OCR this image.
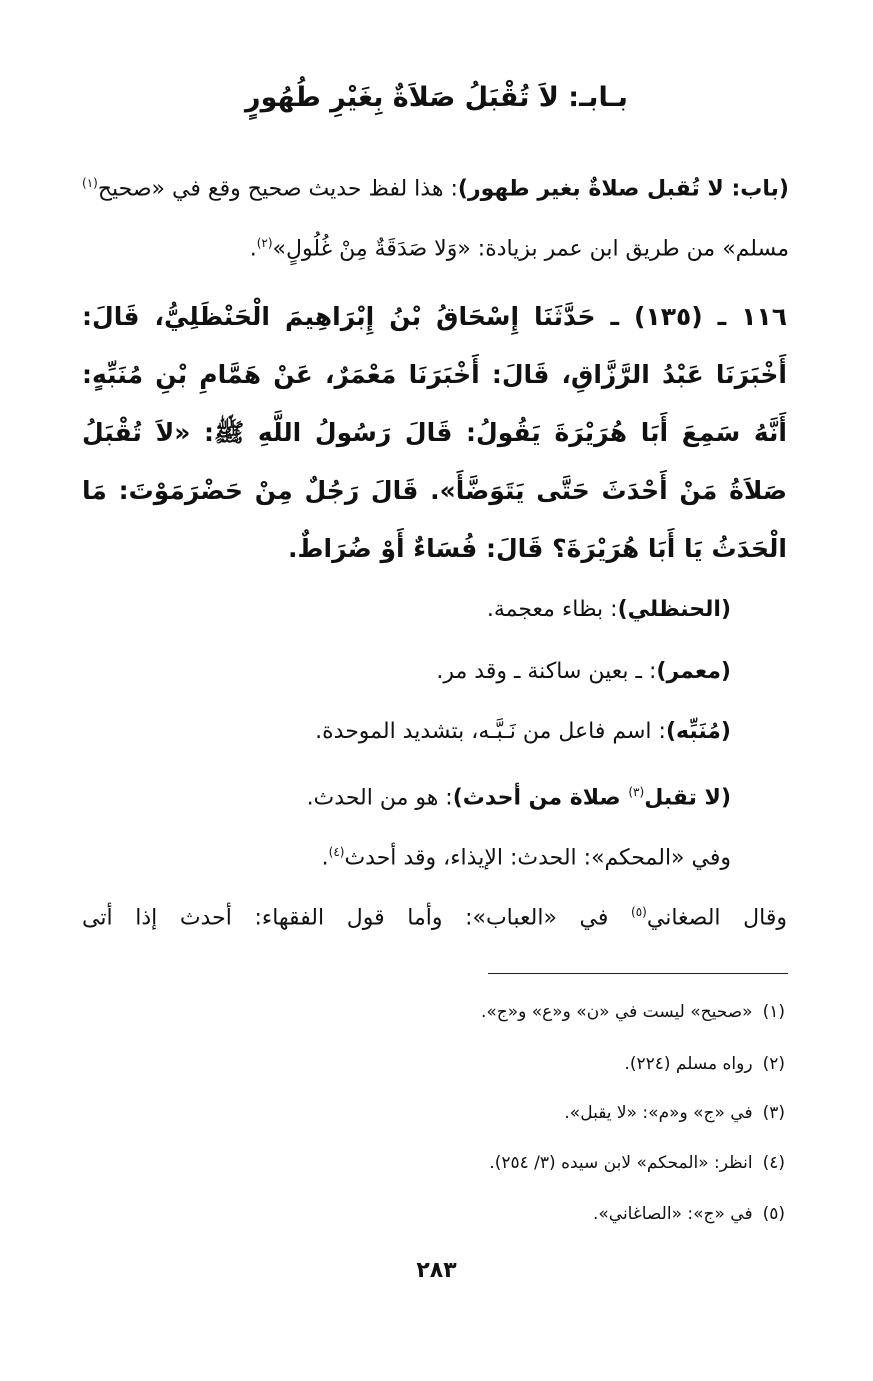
بـابـ: لاَ تُقْبَلُ صَلاَةٌ بِغَيْرِ طُهُورٍ
(باب: لا تُقبل صلاةٌ بغير طهور): هذا لفظ حديث صحيح وقع في «صحيح$^{(١)}$ مسلم» من طريق ابن عمر بزيادة: «وَلا صَدَقَةٌ مِنْ غُلُولٍ»$^{(٢)}$.
١١٦ ـ (١٣٥) ـ حَدَّثَنَا إِسْحَاقُ بْنُ إِبْرَاهِيمَ الْحَنْظَلِيُّ، قَالَ: أَخْبَرَنَا عَبْدُ الرَّزَّاقِ، قَالَ: أَخْبَرَنَا مَعْمَرٌ، عَنْ هَمَّامِ بْنِ مُنَبِّهٍ: أَنَّهُ سَمِعَ أَبَا هُرَيْرَةَ يَقُولُ: قَالَ رَسُولُ اللَّهِ ﷺ: «لاَ تُقْبَلُ صَلاَةُ مَنْ أَحْدَثَ حَتَّى يَتَوَضَّأَ». قَالَ رَجُلٌ مِنْ حَضْرَمَوْتَ: مَا الْحَدَثُ يَا أَبَا هُرَيْرَةَ؟ قَالَ: فُسَاءٌ أَوْ ضُرَاطٌ.
(الحنظلي): بظاء معجمة.
(معمر): ـ بعين ساكنة ـ وقد مر.
(مُنَبِّه): اسم فاعل من نَـبَّـه، بتشديد الموحدة.
(لا تقبل$^{(٣)}$ صلاة من أحدث): هو من الحدث.
وفي «المحكم»: الحدث: الإيذاء، وقد أحدث$^{(٤)}$.
وقال الصغاني$^{(٥)}$ في «العباب»: وأما قول الفقهاء: أحدث إذا أتى
(١)«صحيح» ليست في «ن» و«ع» و«ج».
(٢)رواه مسلم (٢٢٤).
(٣)في «ج» و«م»: «لا يقبل».
(٤)انظر: «المحكم» لابن سيده (٣/ ٢٥٤).
(٥)في «ج»: «الصاغاني».
٢٨٣
